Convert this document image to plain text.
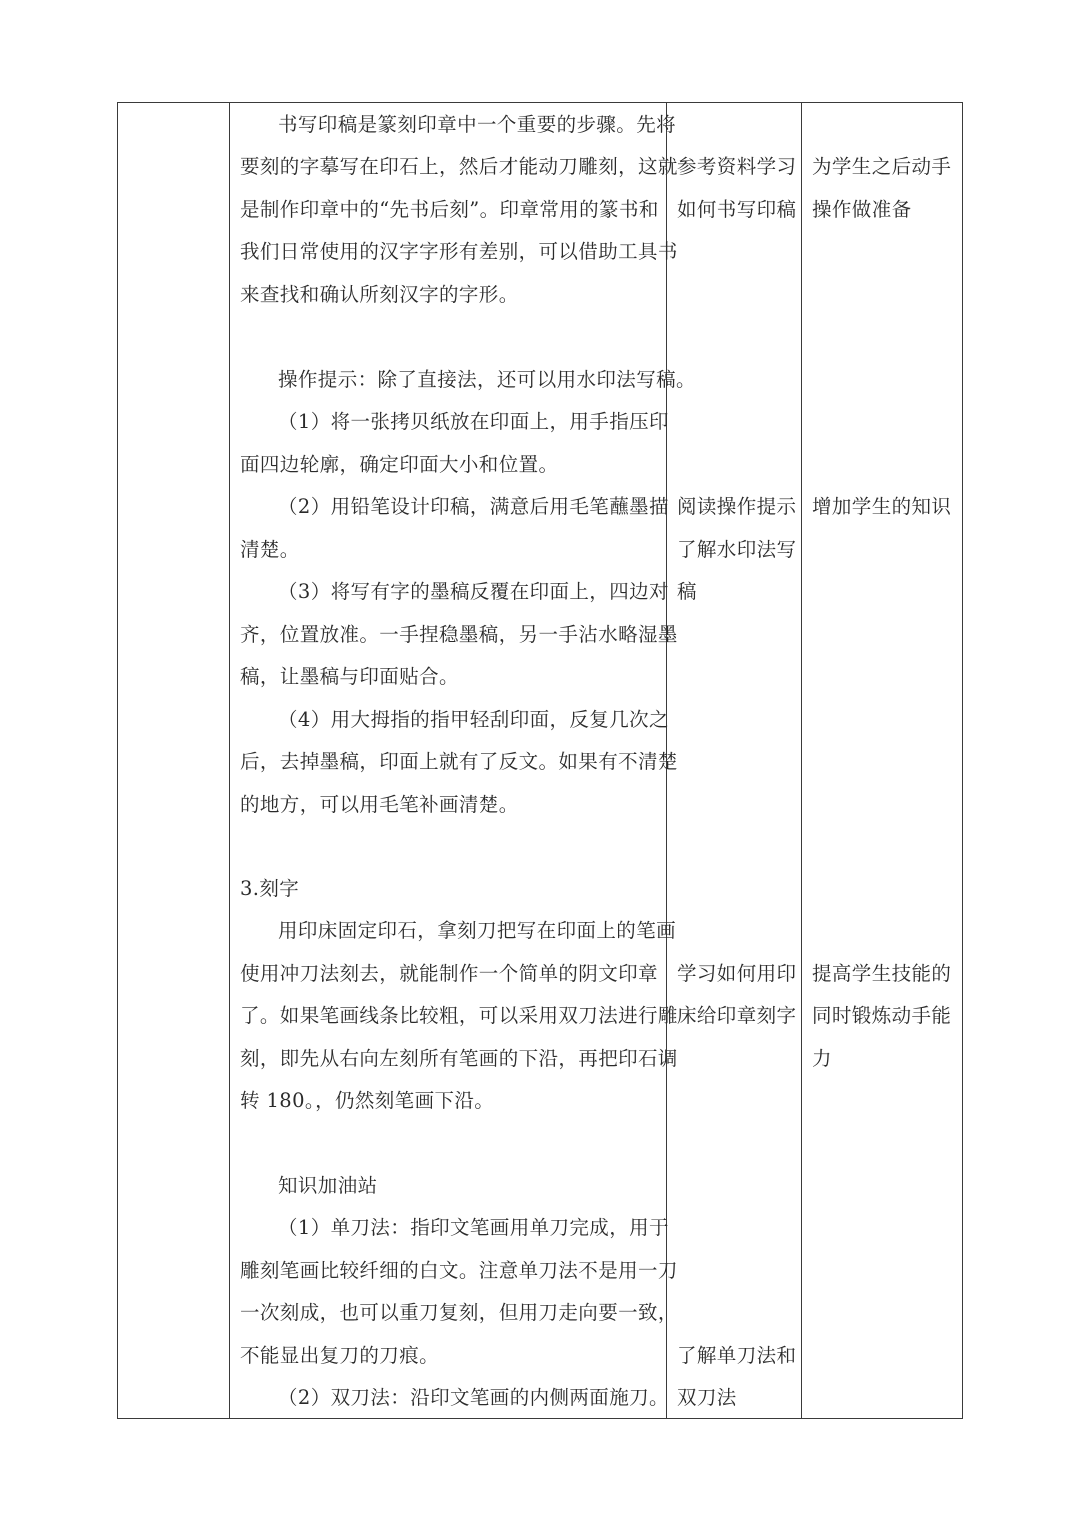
书写印稿是篆刻印章中一个重要的步骤。先将
要刻的字摹写在印石上，然后才能动刀雕刻，这就
是制作印章中的“先书后刻”。印章常用的篆书和
我们日常使用的汉字字形有差别，可以借助工具书
来查找和确认所刻汉字的字形。
操作提示：除了直接法，还可以用水印法写稿。
（1）将一张拷贝纸放在印面上，用手指压印
面四边轮廓，确定印面大小和位置。
（2）用铅笔设计印稿，满意后用毛笔蘸墨描
清楚。
（3）将写有字的墨稿反覆在印面上，四边对
齐，位置放准。一手捏稳墨稿，另一手沾水略湿墨
稿，让墨稿与印面贴合。
（4）用大拇指的指甲轻刮印面，反复几次之
后，去掉墨稿，印面上就有了反文。如果有不清楚
的地方，可以用毛笔补画清楚。
3.刻字
用印床固定印石，拿刻刀把写在印面上的笔画
使用冲刀法刻去，就能制作一个简单的阴文印章
了。如果笔画线条比较粗，可以采用双刀法进行雕
刻，即先从右向左刻所有笔画的下沿，再把印石调
转 180。，仍然刻笔画下沿。
知识加油站
（1）单刀法：指印文笔画用单刀完成，用于
雕刻笔画比较纤细的白文。注意单刀法不是用一刀
一次刻成，也可以重刀复刻，但用刀走向要一致，
不能显出复刀的刀痕。
（2）双刀法：沿印文笔画的内侧两面施刀。
参考资料学习
如何书写印稿
阅读操作提示
了解水印法写
稿
学习如何用印
床给印章刻字
了解单刀法和
双刀法
为学生之后动手
操作做准备
增加学生的知识
提高学生技能的
同时锻炼动手能
力
